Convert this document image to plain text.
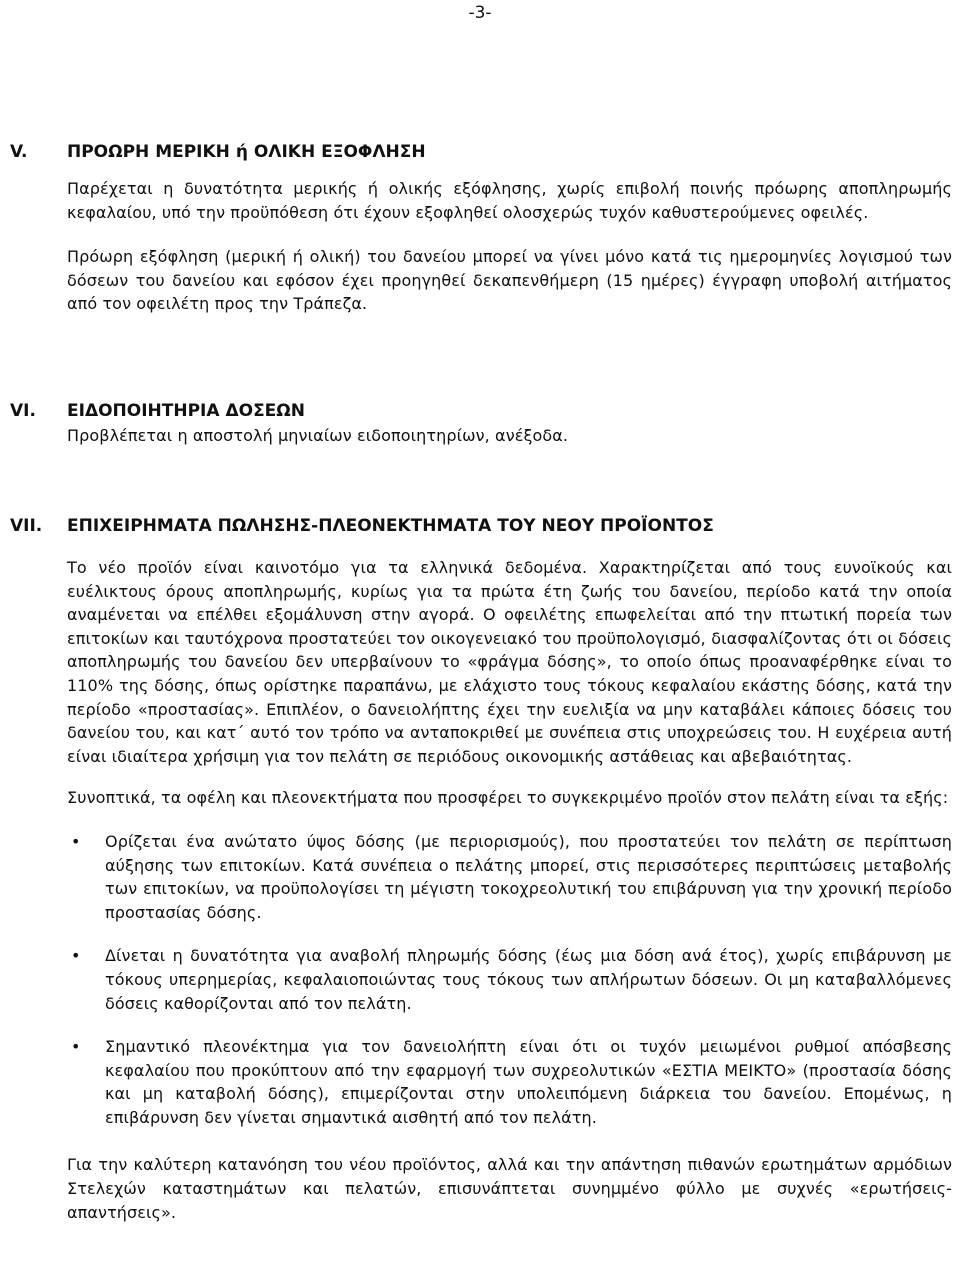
-3-
V. ΠΡΟΩΡΗ ΜΕΡΙΚΗ ή ΟΛΙΚΗ ΕΞΟΦΛΗΣΗ

Παρέχεται η δυνατότητα μερικής ή ολικής εξόφλησης, χωρίς επιβολή ποινής πρόωρης αποπληρωμής κεφαλαίου, υπό την προϋπόθεση ότι έχουν εξοφληθεί ολοσχερώς τυχόν καθυστερούμενες οφειλές.

Πρόωρη εξόφληση (μερική ή ολική) του δανείου μπορεί να γίνει μόνο κατά τις ημερομηνίες λογισμού των δόσεων του δανείου και εφόσον έχει προηγηθεί δεκαπενθήμερη (15 ημέρες) έγγραφη υποβολή αιτήματος από τον οφειλέτη προς την Τράπεζα.

VI. ΕΙΔΟΠΟΙΗΤΗΡΙΑ ΔΟΣΕΩΝ

Προβλέπεται η αποστολή μηνιαίων ειδοποιητηρίων, ανέξοδα.

VII. ΕΠΙΧΕΙΡΗΜΑΤΑ ΠΩΛΗΣΗΣ-ΠΛΕΟΝΕΚΤΗΜΑΤΑ ΤΟΥ ΝΕΟΥ ΠΡΟΪΟΝΤΟΣ

Το νέο προϊόν είναι καινοτόμο για τα ελληνικά δεδομένα. Χαρακτηρίζεται από τους ευνοϊκούς και ευέλικτους όρους αποπληρωμής, κυρίως για τα πρώτα έτη ζωής του δανείου, περίοδο κατά την οποία αναμένεται να επέλθει εξομάλυνση στην αγορά. Ο οφειλέτης επωφελείται από την πτωτική πορεία των επιτοκίων και ταυτόχρονα προστατεύει τον οικογενειακό του προϋπολογισμό, διασφαλίζοντας ότι οι δόσεις αποπληρωμής του δανείου δεν υπερβαίνουν το «φράγμα δόσης», το οποίο όπως προαναφέρθηκε είναι το 110% της δόσης, όπως ορίστηκε παραπάνω, με ελάχιστο τους τόκους κεφαλαίου εκάστης δόσης, κατά την περίοδο «προστασίας». Επιπλέον, ο δανειολήπτης έχει την ευελιξία να μην καταβάλει κάποιες δόσεις του δανείου του, και κατ΄ αυτό τον τρόπο να ανταποκριθεί με συνέπεια στις υποχρεώσεις του. Η ευχέρεια αυτή είναι ιδιαίτερα χρήσιμη για τον πελάτη σε περιόδους οικονομικής αστάθειας και αβεβαιότητας.

Συνοπτικά, τα οφέλη και πλεονεκτήματα που προσφέρει το συγκεκριμένο προϊόν στον πελάτη είναι τα εξής:

• Ορίζεται ένα ανώτατο ύψος δόσης (με περιορισμούς), που προστατεύει τον πελάτη σε περίπτωση αύξησης των επιτοκίων. Κατά συνέπεια ο πελάτης μπορεί, στις περισσότερες περιπτώσεις μεταβολής των επιτοκίων, να προϋπολογίσει τη μέγιστη τοκοχρεολυτική του επιβάρυνση για την χρονική περίοδο προστασίας δόσης.
• Δίνεται η δυνατότητα για αναβολή πληρωμής δόσης (έως μια δόση ανά έτος), χωρίς επιβάρυνση με τόκους υπερημερίας, κεφαλαιοποιώντας τους τόκους των απλήρωτων δόσεων. Οι μη καταβαλλόμενες δόσεις καθορίζονται από τον πελάτη.
• Σημαντικό πλεονέκτημα για τον δανειολήπτη είναι ότι οι τυχόν μειωμένοι ρυθμοί απόσβεσης κεφαλαίου που προκύπτουν από την εφαρμογή των συχρεολυτικών «ΕΣΤΙΑ ΜΕΙΚΤΟ» (προστασία δόσης και μη καταβολή δόσης), επιμερίζονται στην υπολειπόμενη διάρκεια του δανείου. Επομένως, η επιβάρυνση δεν γίνεται σημαντικά αισθητή από τον πελάτη.

Για την καλύτερη κατανόηση του νέου προϊόντος, αλλά και την απάντηση πιθανών ερωτημάτων αρμόδιων Στελεχών καταστημάτων και πελατών, επισυνάπτεται συνημμένο φύλλο με συχνές «ερωτήσεις-απαντήσεις».
